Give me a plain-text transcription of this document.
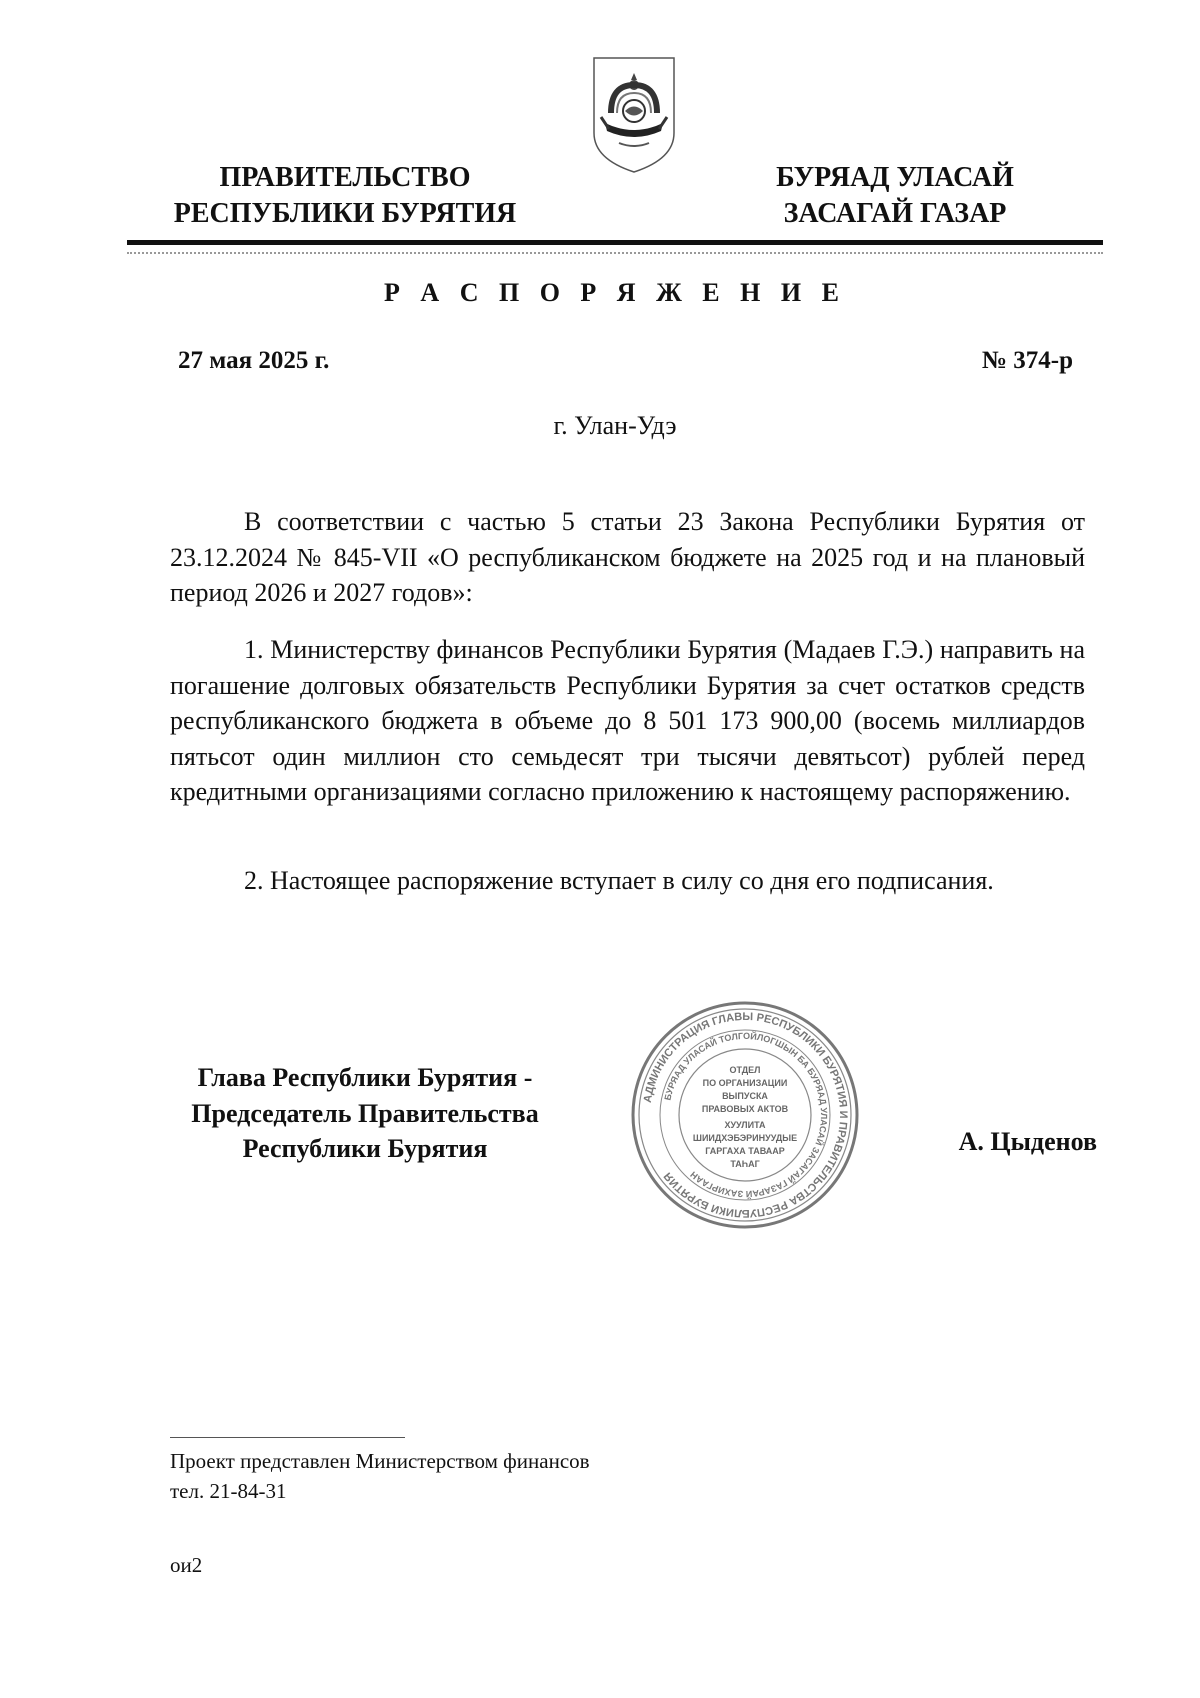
ПРАВИТЕЛЬСТВО
РЕСПУБЛИКИ БУРЯТИЯ
БУРЯАД УЛАСАЙ
ЗАСАГАЙ ГАЗАР
Р А С П О Р Я Ж Е Н И Е
27 мая 2025 г.	№ 374-р
г. Улан-Удэ
В соответствии с частью 5 статьи 23 Закона Республики Бурятия от 23.12.2024 № 845-VII «О республиканском бюджете на 2025 год и на плановый период 2026 и 2027 годов»:
1. Министерству финансов Республики Бурятия (Мадаев Г.Э.) направить на погашение долговых обязательств Республики Бурятия за счет остатков средств республиканского бюджета в объеме до 8 501 173 900,00 (восемь миллиардов пятьсот один миллион сто семьдесят три тысячи девятьсот) рублей перед кредитными организациями согласно приложению к настоящему распоряжению.
2. Настоящее распоряжение вступает в силу со дня его подписания.
Глава Республики Бурятия -
Председатель Правительства
Республики Бурятия
АДМИНИСТРАЦИЯ ГЛАВЫ РЕСПУБЛИКИ БУРЯТИЯ И ПРАВИТЕЛЬСТВА РЕСПУБЛИКИ БУРЯТИЯ
БУРЯАД УЛАСАЙ ТОЛГОЙЛОГШЫН БА БУРЯАД УЛАСАЙ ЗАСАГАЙ ГАЗАРАЙ ЗАХИРГААН
ОТДЕЛ
ПО ОРГАНИЗАЦИИ
ВЫПУСКА
ПРАВОВЫХ АКТОВ
ХУУЛИТА
ШИИДХЭБЭРИНУУДЫЕ
ГАРГАХА ТАВААР
ТАҺАГ
А. Цыденов
Проект представлен Министерством финансов
тел. 21-84-31
ои2
